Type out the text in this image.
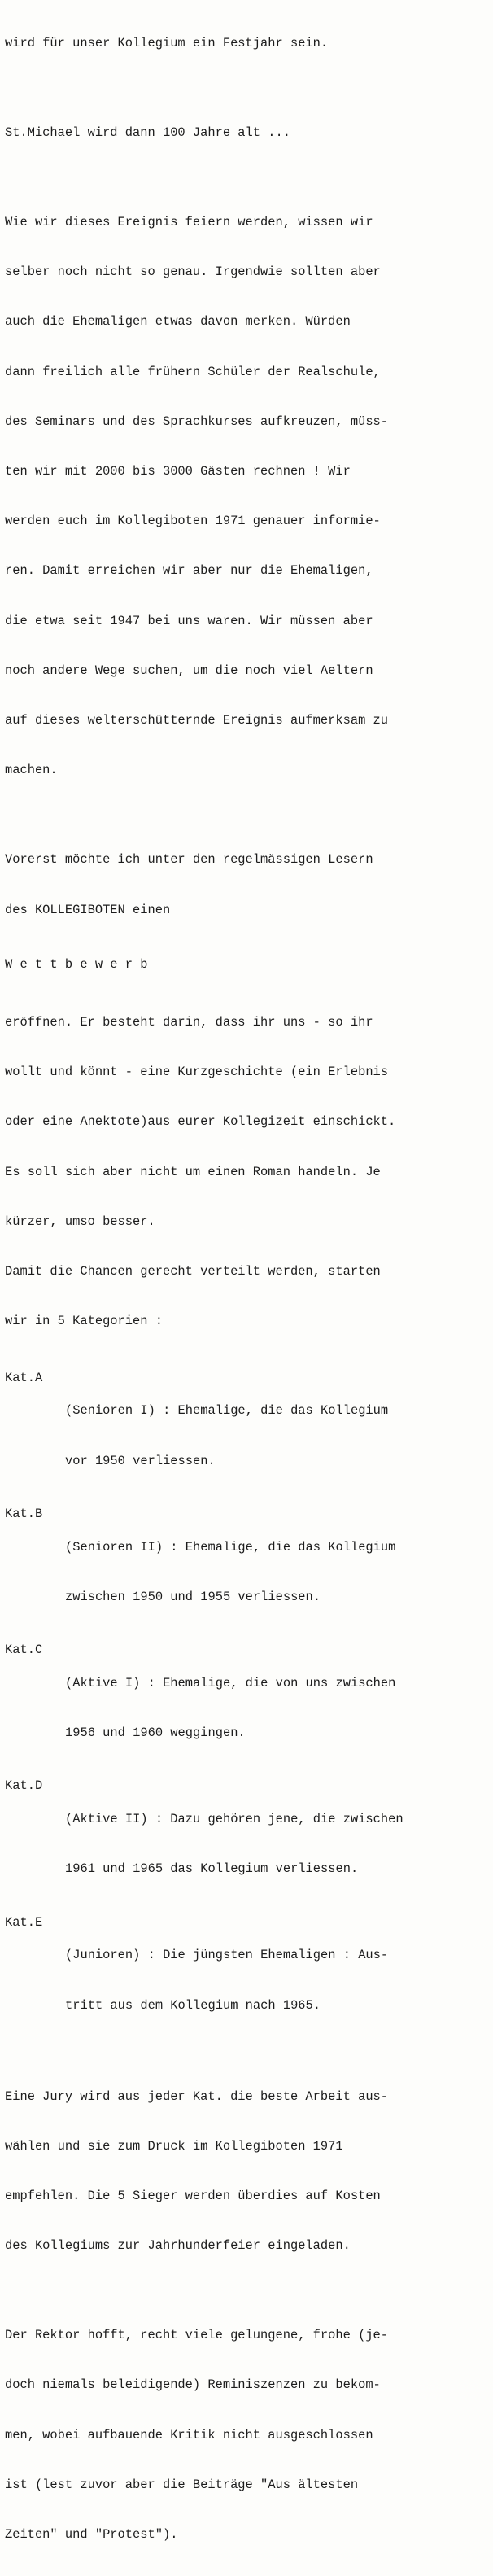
wird für unser Kollegium ein Festjahr sein.

St.Michael wird dann 100 Jahre alt ...

Wie wir dieses Ereignis feiern werden, wissen wir

selber noch nicht so genau. Irgendwie sollten aber

auch die Ehemaligen etwas davon merken. Würden

dann freilich alle frühern Schüler der Realschule,

des Seminars und des Sprachkurses aufkreuzen, müss-

ten wir mit 2000 bis 3000 Gästen rechnen ! Wir

werden euch im Kollegiboten 1971 genauer informie-

ren. Damit erreichen wir aber nur die Ehemaligen,

die etwa seit 1947 bei uns waren. Wir müssen aber

noch andere Wege suchen, um die noch viel Aeltern

auf dieses welterschütternde Ereignis aufmerksam zu

machen.

Vorerst möchte ich unter den regelmässigen Lesern

des KOLLEGIBOTEN einen

W e t t b e w e r b

eröffnen. Er besteht darin, dass ihr uns - so ihr

wollt und könnt - eine Kurzgeschichte (ein Erlebnis

oder eine Anektote)aus eurer Kollegizeit einschickt.

Es soll sich aber nicht um einen Roman handeln. Je

kürzer, umso besser.

Damit die Chancen gerecht verteilt werden, starten

wir in 5 Kategorien :

Kat.A

(Senioren I) : Ehemalige, die das Kollegium

vor 1950 verliessen.

Kat.B

(Senioren II) : Ehemalige, die das Kollegium

zwischen 1950 und 1955 verliessen.

Kat.C

(Aktive I) : Ehemalige, die von uns zwischen

1956 und 1960 weggingen.

Kat.D

(Aktive II) : Dazu gehören jene, die zwischen

1961 und 1965 das Kollegium verliessen.

Kat.E

(Junioren) : Die jüngsten Ehemaligen : Aus-

tritt aus dem Kollegium nach 1965.

Eine Jury wird aus jeder Kat. die beste Arbeit aus-

wählen und sie zum Druck im Kollegiboten 1971

empfehlen. Die 5 Sieger werden überdies auf Kosten

des Kollegiums zur Jahrhunderfeier eingeladen.

Der Rektor hofft, recht viele gelungene, frohe (je-

doch niemals beleidigende) Reminiszenzen zu bekom-

men, wobei aufbauende Kritik nicht ausgeschlossen

ist (lest zuvor aber die Beiträge "Aus ältesten

Zeiten" und "Protest").
